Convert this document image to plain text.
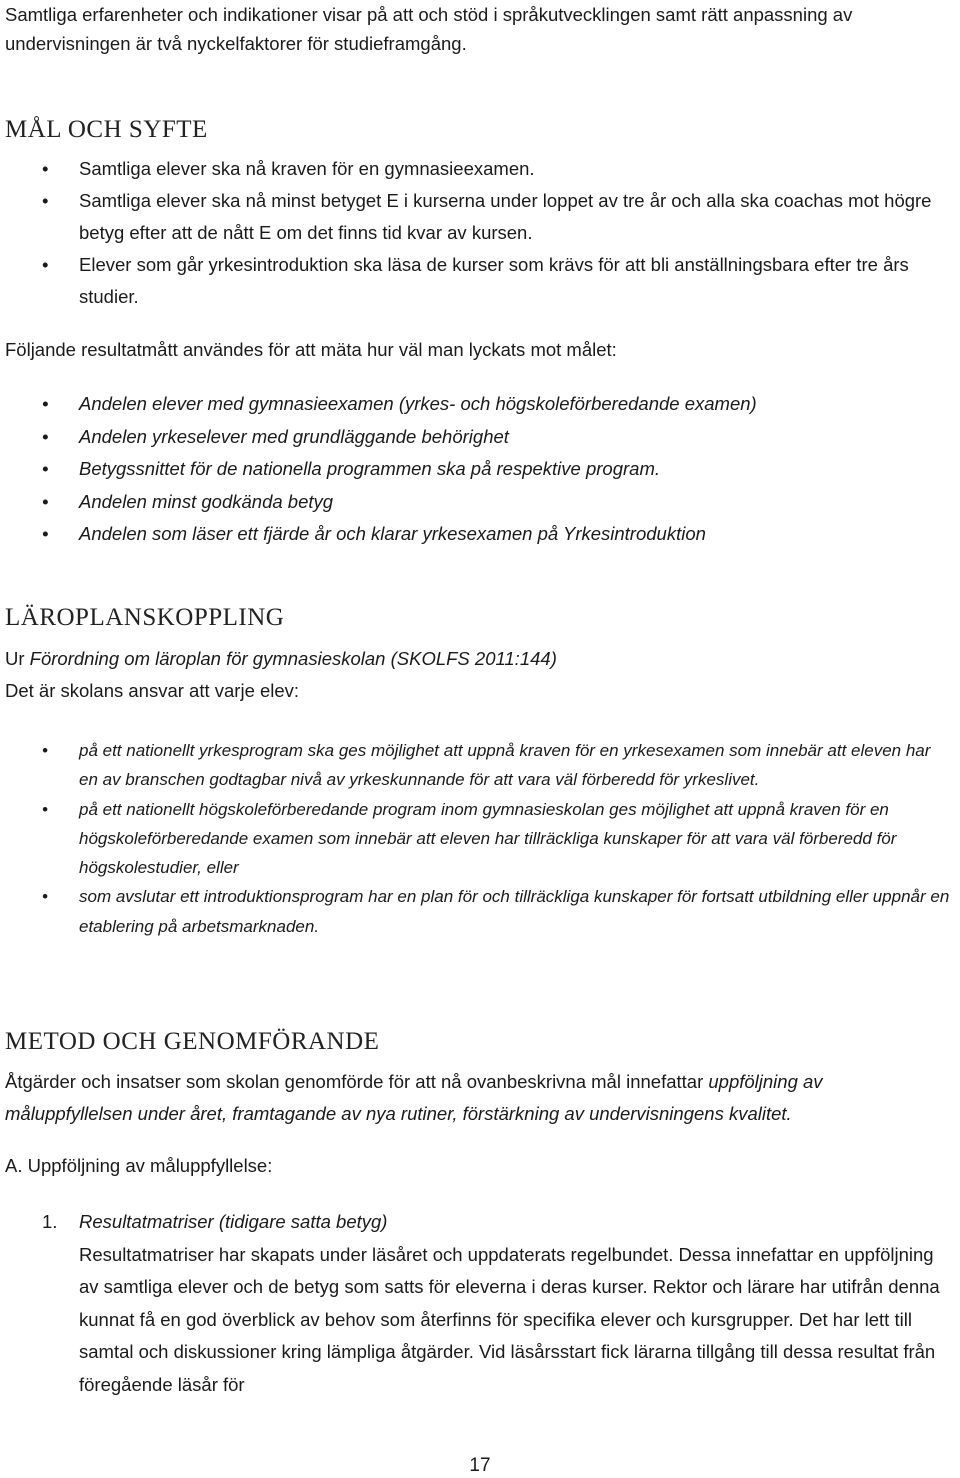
Samtliga erfarenheter och indikationer visar på att och stöd i språkutvecklingen samt rätt anpassning av undervisningen är två nyckelfaktorer för studieframgång.
MÅL OCH SYFTE
• Samtliga elever ska nå kraven för en gymnasieexamen.
• Samtliga elever ska nå minst betyget E i kurserna under loppet av tre år och alla ska coachas mot högre betyg efter att de nått E om det finns tid kvar av kursen.
• Elever som går yrkesintroduktion ska läsa de kurser som krävs för att bli anställningsbara efter tre års studier.
Följande resultatmått användes för att mäta hur väl man lyckats mot målet:
• Andelen elever med gymnasieexamen (yrkes- och högskoleförberedande examen)
• Andelen yrkeselever med grundläggande behörighet
• Betygssnittet för de nationella programmen ska på respektive program.
• Andelen minst godkända betyg
• Andelen som läser ett fjärde år och klarar yrkesexamen på Yrkesintroduktion
LÄROPLANSKOPPLING
Ur Förordning om läroplan för gymnasieskolan (SKOLFS 2011:144)
Det är skolans ansvar att varje elev:
• på ett nationellt yrkesprogram ska ges möjlighet att uppnå kraven för en yrkesexamen som innebär att eleven har en av branschen godtagbar nivå av yrkeskunnande för att vara väl förberedd för yrkeslivet.
• på ett nationellt högskoleförberedande program inom gymnasieskolan ges möjlighet att uppnå kraven för en högskoleförberedande examen som innebär att eleven har tillräckliga kunskaper för att vara väl förberedd för högskolestudier, eller
• som avslutar ett introduktionsprogram har en plan för och tillräckliga kunskaper för fortsatt utbildning eller uppnår en etablering på arbetsmarknaden.
METOD OCH GENOMFÖRANDE
Åtgärder och insatser som skolan genomförde för att nå ovanbeskrivna mål innefattar uppföljning av måluppfyllelsen under året, framtagande av nya rutiner, förstärkning av undervisningens kvalitet.
A. Uppföljning av måluppfyllelse:
1.	Resultatmatriser (tidigare satta betyg)
Resultatmatriser har skapats under läsåret och uppdaterats regelbundet. Dessa innefattar en uppföljning av samtliga elever och de betyg som satts för eleverna i deras kurser. Rektor och lärare har utifrån denna kunnat få en god överblick av behov som återfinns för specifika elever och kursgrupper. Det har lett till samtal och diskussioner kring lämpliga åtgärder. Vid läsårsstart fick lärarna tillgång till dessa resultat från föregående läsår för
17
